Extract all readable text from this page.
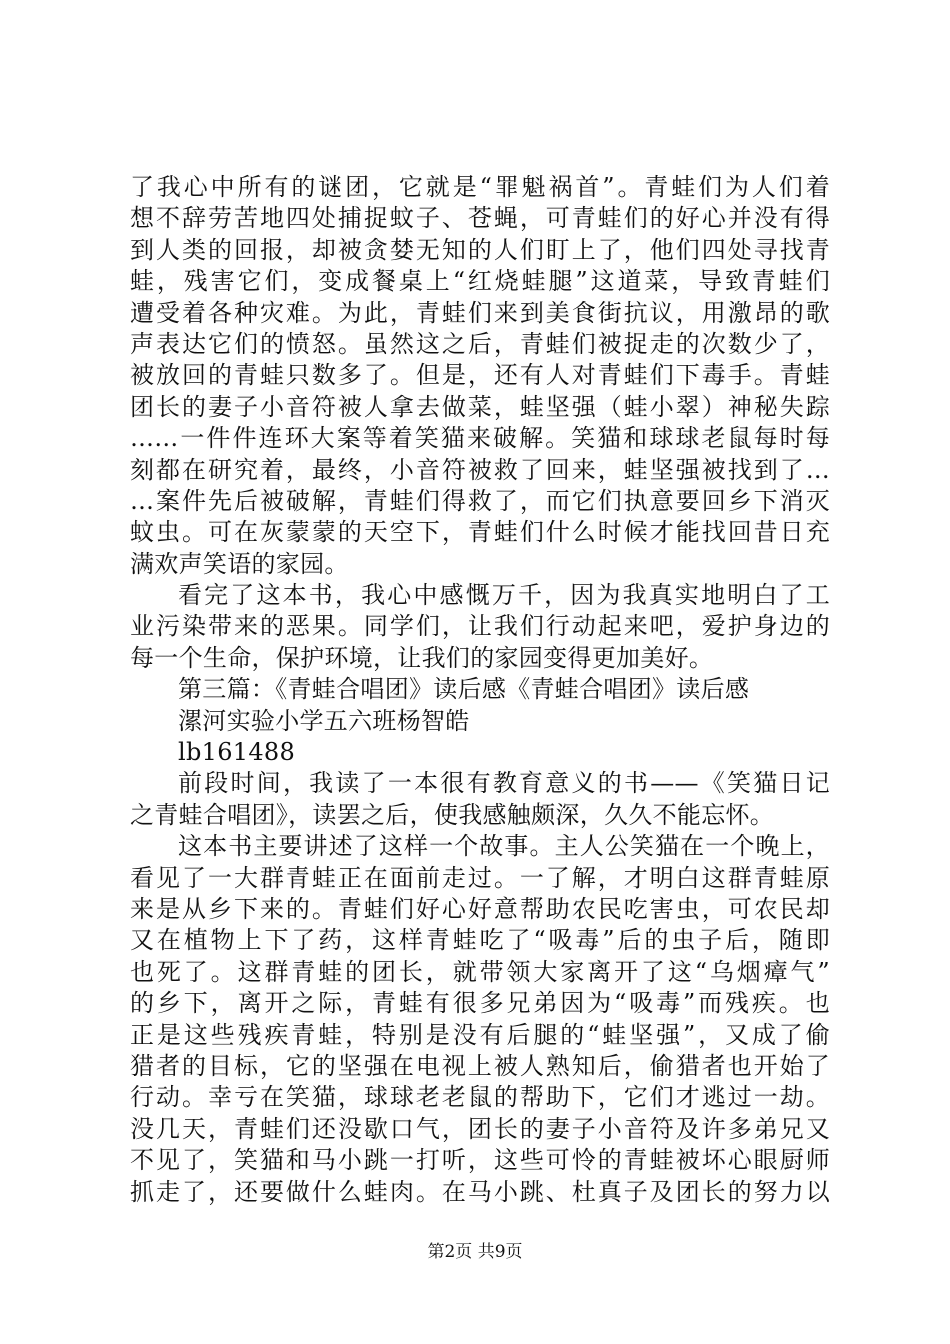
了我心中所有的谜团，它就是“罪魁祸首”。青蛙们为人们着
想不辞劳苦地四处捕捉蚊子、苍蝇，可青蛙们的好心并没有得
到人类的回报，却被贪婪无知的人们盯上了，他们四处寻找青
蛙，残害它们，变成餐桌上“红烧蛙腿”这道菜，导致青蛙们
遭受着各种灾难。为此，青蛙们来到美食街抗议，用激昂的歌
声表达它们的愤怒。虽然这之后，青蛙们被捉走的次数少了，
被放回的青蛙只数多了。但是，还有人对青蛙们下毒手。青蛙
团长的妻子小音符被人拿去做菜，蛙坚强（蛙小翠）神秘失踪
……一件件连环大案等着笑猫来破解。笑猫和球球老鼠每时每
刻都在研究着，最终，小音符被救了回来，蛙坚强被找到了…
…案件先后被破解，青蛙们得救了，而它们执意要回乡下消灭
蚊虫。可在灰蒙蒙的天空下，青蛙们什么时候才能找回昔日充
满欢声笑语的家园。
看完了这本书，我心中感慨万千，因为我真实地明白了工
业污染带来的恶果。同学们，让我们行动起来吧，爱护身边的
每一个生命，保护环境，让我们的家园变得更加美好。
第三篇：《青蛙合唱团》读后感《青蛙合唱团》读后感
漯河实验小学五六班杨智皓
lb161488
前段时间，我读了一本很有教育意义的书——《笑猫日记
之青蛙合唱团》，读罢之后，使我感触颇深，久久不能忘怀。
这本书主要讲述了这样一个故事。主人公笑猫在一个晚上，
看见了一大群青蛙正在面前走过。一了解，才明白这群青蛙原
来是从乡下来的。青蛙们好心好意帮助农民吃害虫，可农民却
又在植物上下了药，这样青蛙吃了“吸毒”后的虫子后，随即
也死了。这群青蛙的团长，就带领大家离开了这“乌烟瘴气”
的乡下，离开之际，青蛙有很多兄弟因为“吸毒”而残疾。也
正是这些残疾青蛙，特别是没有后腿的“蛙坚强”，又成了偷
猎者的目标，它的坚强在电视上被人熟知后，偷猎者也开始了
行动。幸亏在笑猫，球球老老鼠的帮助下，它们才逃过一劫。
没几天，青蛙们还没歇口气，团长的妻子小音符及许多弟兄又
不见了，笑猫和马小跳一打听，这些可怜的青蛙被坏心眼厨师
抓走了，还要做什么蛙肉。在马小跳、杜真子及团长的努力以
第2页 共9页
